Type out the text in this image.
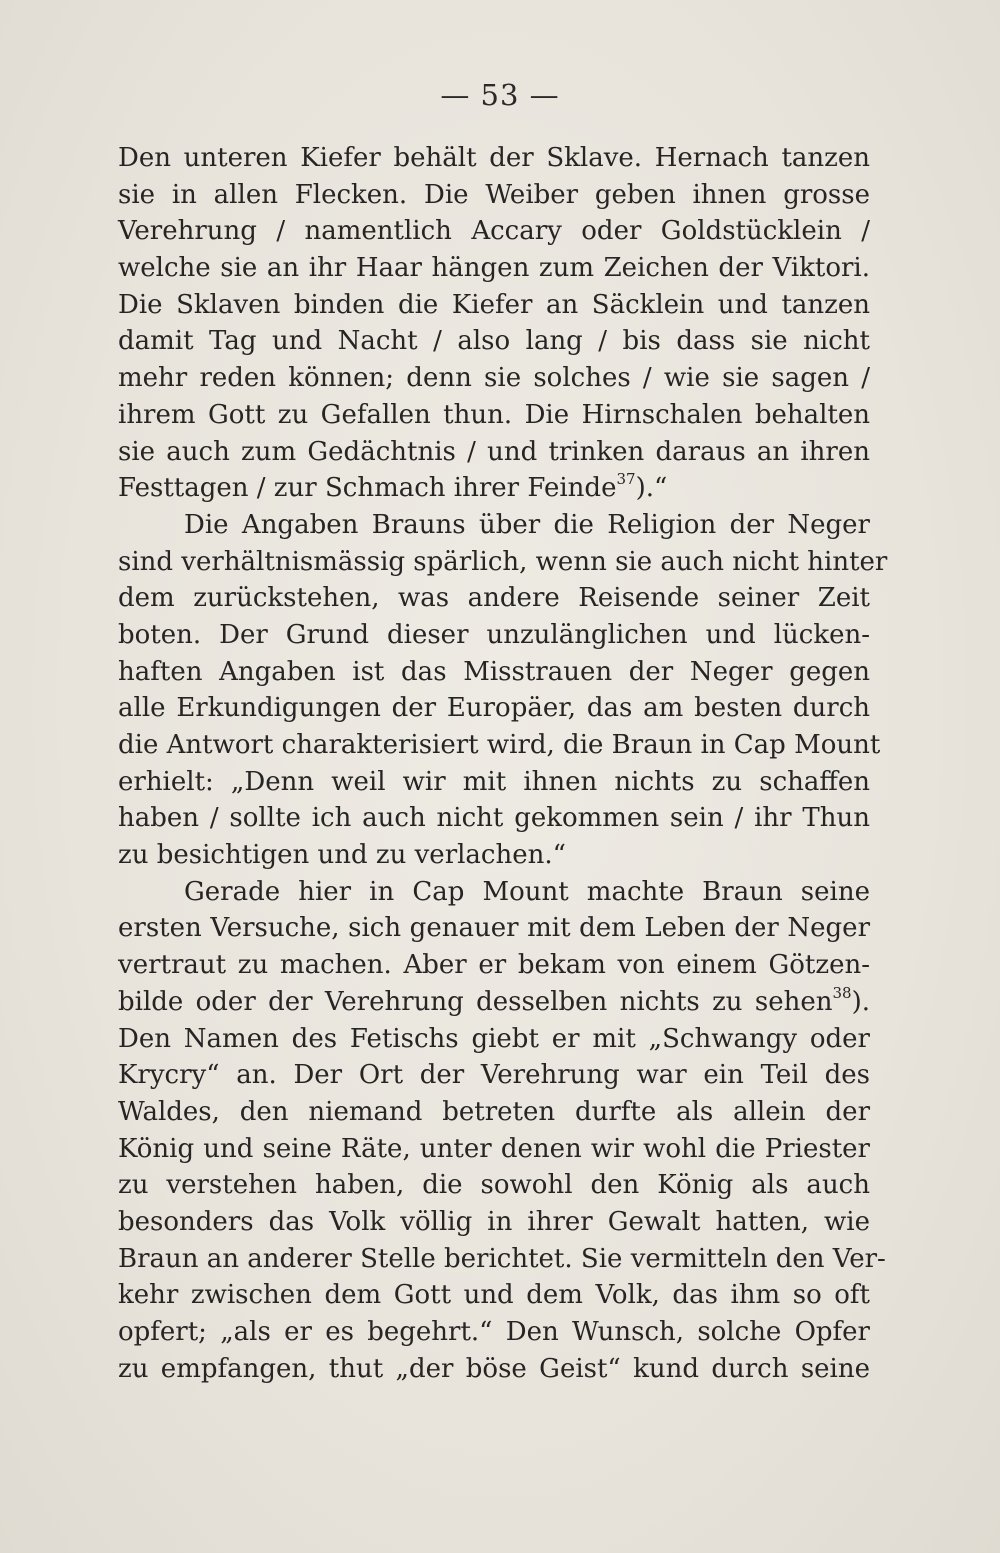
— 53 —
Den unteren Kiefer behält der Sklave. Hernach tanzen
sie in allen Flecken. Die Weiber geben ihnen grosse
Verehrung / namentlich Accary oder Goldstücklein /
welche sie an ihr Haar hängen zum Zeichen der Viktori.
Die Sklaven binden die Kiefer an Säcklein und tanzen
damit Tag und Nacht / also lang / bis dass sie nicht
mehr reden können; denn sie solches / wie sie sagen /
ihrem Gott zu Gefallen thun. Die Hirnschalen behalten
sie auch zum Gedächtnis / und trinken daraus an ihren
Festtagen / zur Schmach ihrer Feinde$^{37}$).“
Die Angaben Brauns über die Religion der Neger
sind verhältnismässig spärlich, wenn sie auch nicht hinter
dem zurückstehen, was andere Reisende seiner Zeit
boten. Der Grund dieser unzulänglichen und lücken-
haften Angaben ist das Misstrauen der Neger gegen
alle Erkundigungen der Europäer, das am besten durch
die Antwort charakterisiert wird, die Braun in Cap Mount
erhielt: „Denn weil wir mit ihnen nichts zu schaffen
haben / sollte ich auch nicht gekommen sein / ihr Thun
zu besichtigen und zu verlachen.“
Gerade hier in Cap Mount machte Braun seine
ersten Versuche, sich genauer mit dem Leben der Neger
vertraut zu machen. Aber er bekam von einem Götzen-
bilde oder der Verehrung desselben nichts zu sehen$^{38}$).
Den Namen des Fetischs giebt er mit „Schwangy oder
Krycry“ an. Der Ort der Verehrung war ein Teil des
Waldes, den niemand betreten durfte als allein der
König und seine Räte, unter denen wir wohl die Priester
zu verstehen haben, die sowohl den König als auch
besonders das Volk völlig in ihrer Gewalt hatten, wie
Braun an anderer Stelle berichtet. Sie vermitteln den Ver-
kehr zwischen dem Gott und dem Volk, das ihm so oft
opfert; „als er es begehrt.“ Den Wunsch, solche Opfer
zu empfangen, thut „der böse Geist“ kund durch seine
